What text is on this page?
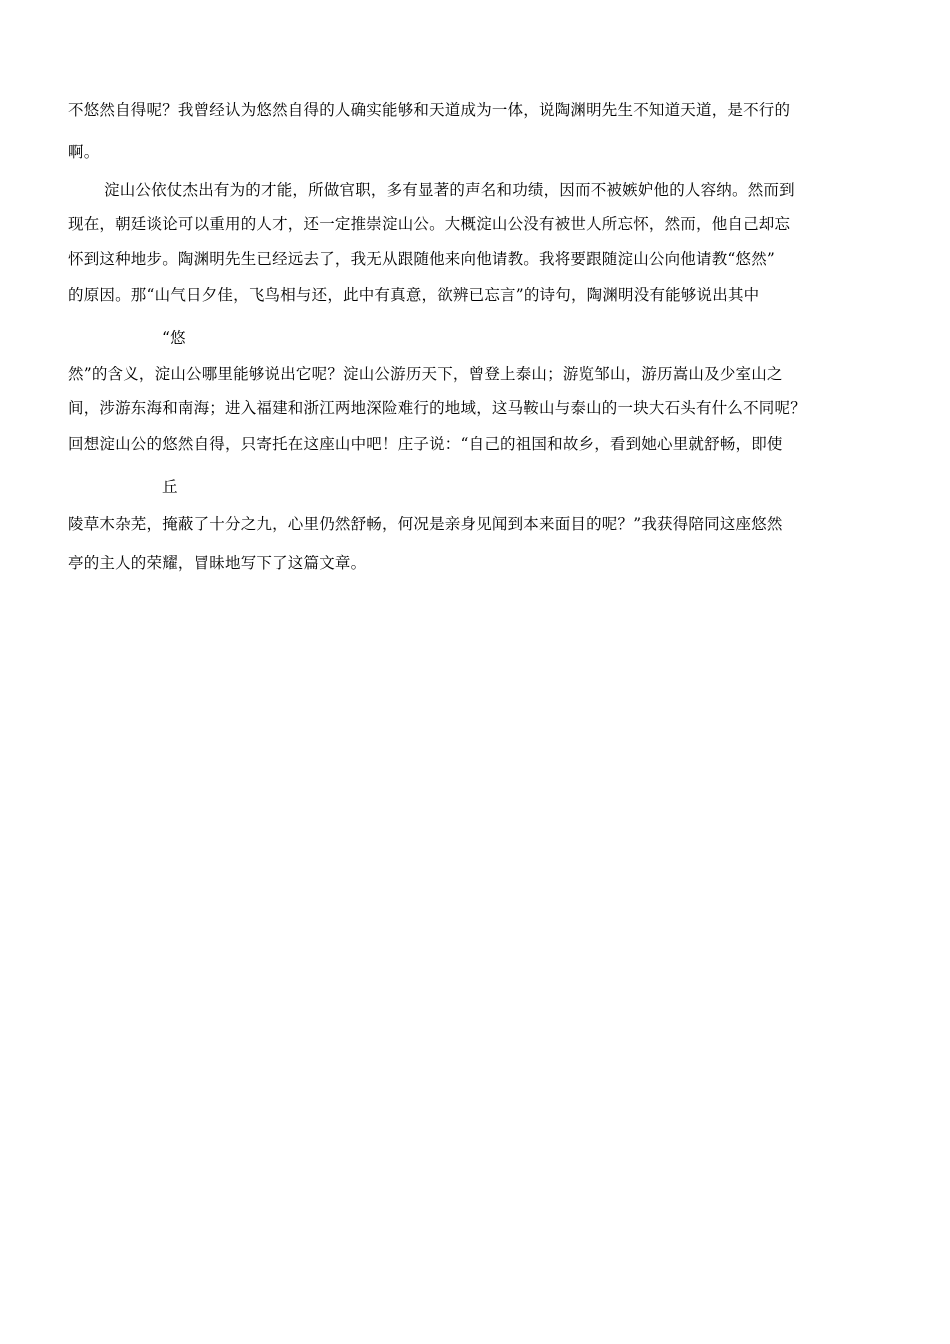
不悠然自得呢？我曾经认为悠然自得的人确实能够和天道成为一体，说陶渊明先生不知道天道，是不行的
啊。
淀山公依仗杰出有为的才能，所做官职，多有显著的声名和功绩，因而不被嫉妒他的人容纳。然而到
现在，朝廷谈论可以重用的人才，还一定推崇淀山公。大概淀山公没有被世人所忘怀，然而，他自己却忘
怀到这种地步。陶渊明先生已经远去了，我无从跟随他来向他请教。我将要跟随淀山公向他请教“悠然”
的原因。那“山气日夕佳，飞鸟相与还，此中有真意，欲辨已忘言”的诗句，陶渊明没有能够说出其中
“悠
然”的含义，淀山公哪里能够说出它呢？淀山公游历天下，曾登上泰山；游览邹山，游历嵩山及少室山之
间，涉游东海和南海；进入福建和浙江两地深险难行的地域，这马鞍山与泰山的一块大石头有什么不同呢？
回想淀山公的悠然自得，只寄托在这座山中吧！庄子说：“自己的祖国和故乡，看到她心里就舒畅，即使
丘
陵草木杂芜，掩蔽了十分之九，心里仍然舒畅，何况是亲身见闻到本来面目的呢？”我获得陪同这座悠然
亭的主人的荣耀，冒昧地写下了这篇文章。
